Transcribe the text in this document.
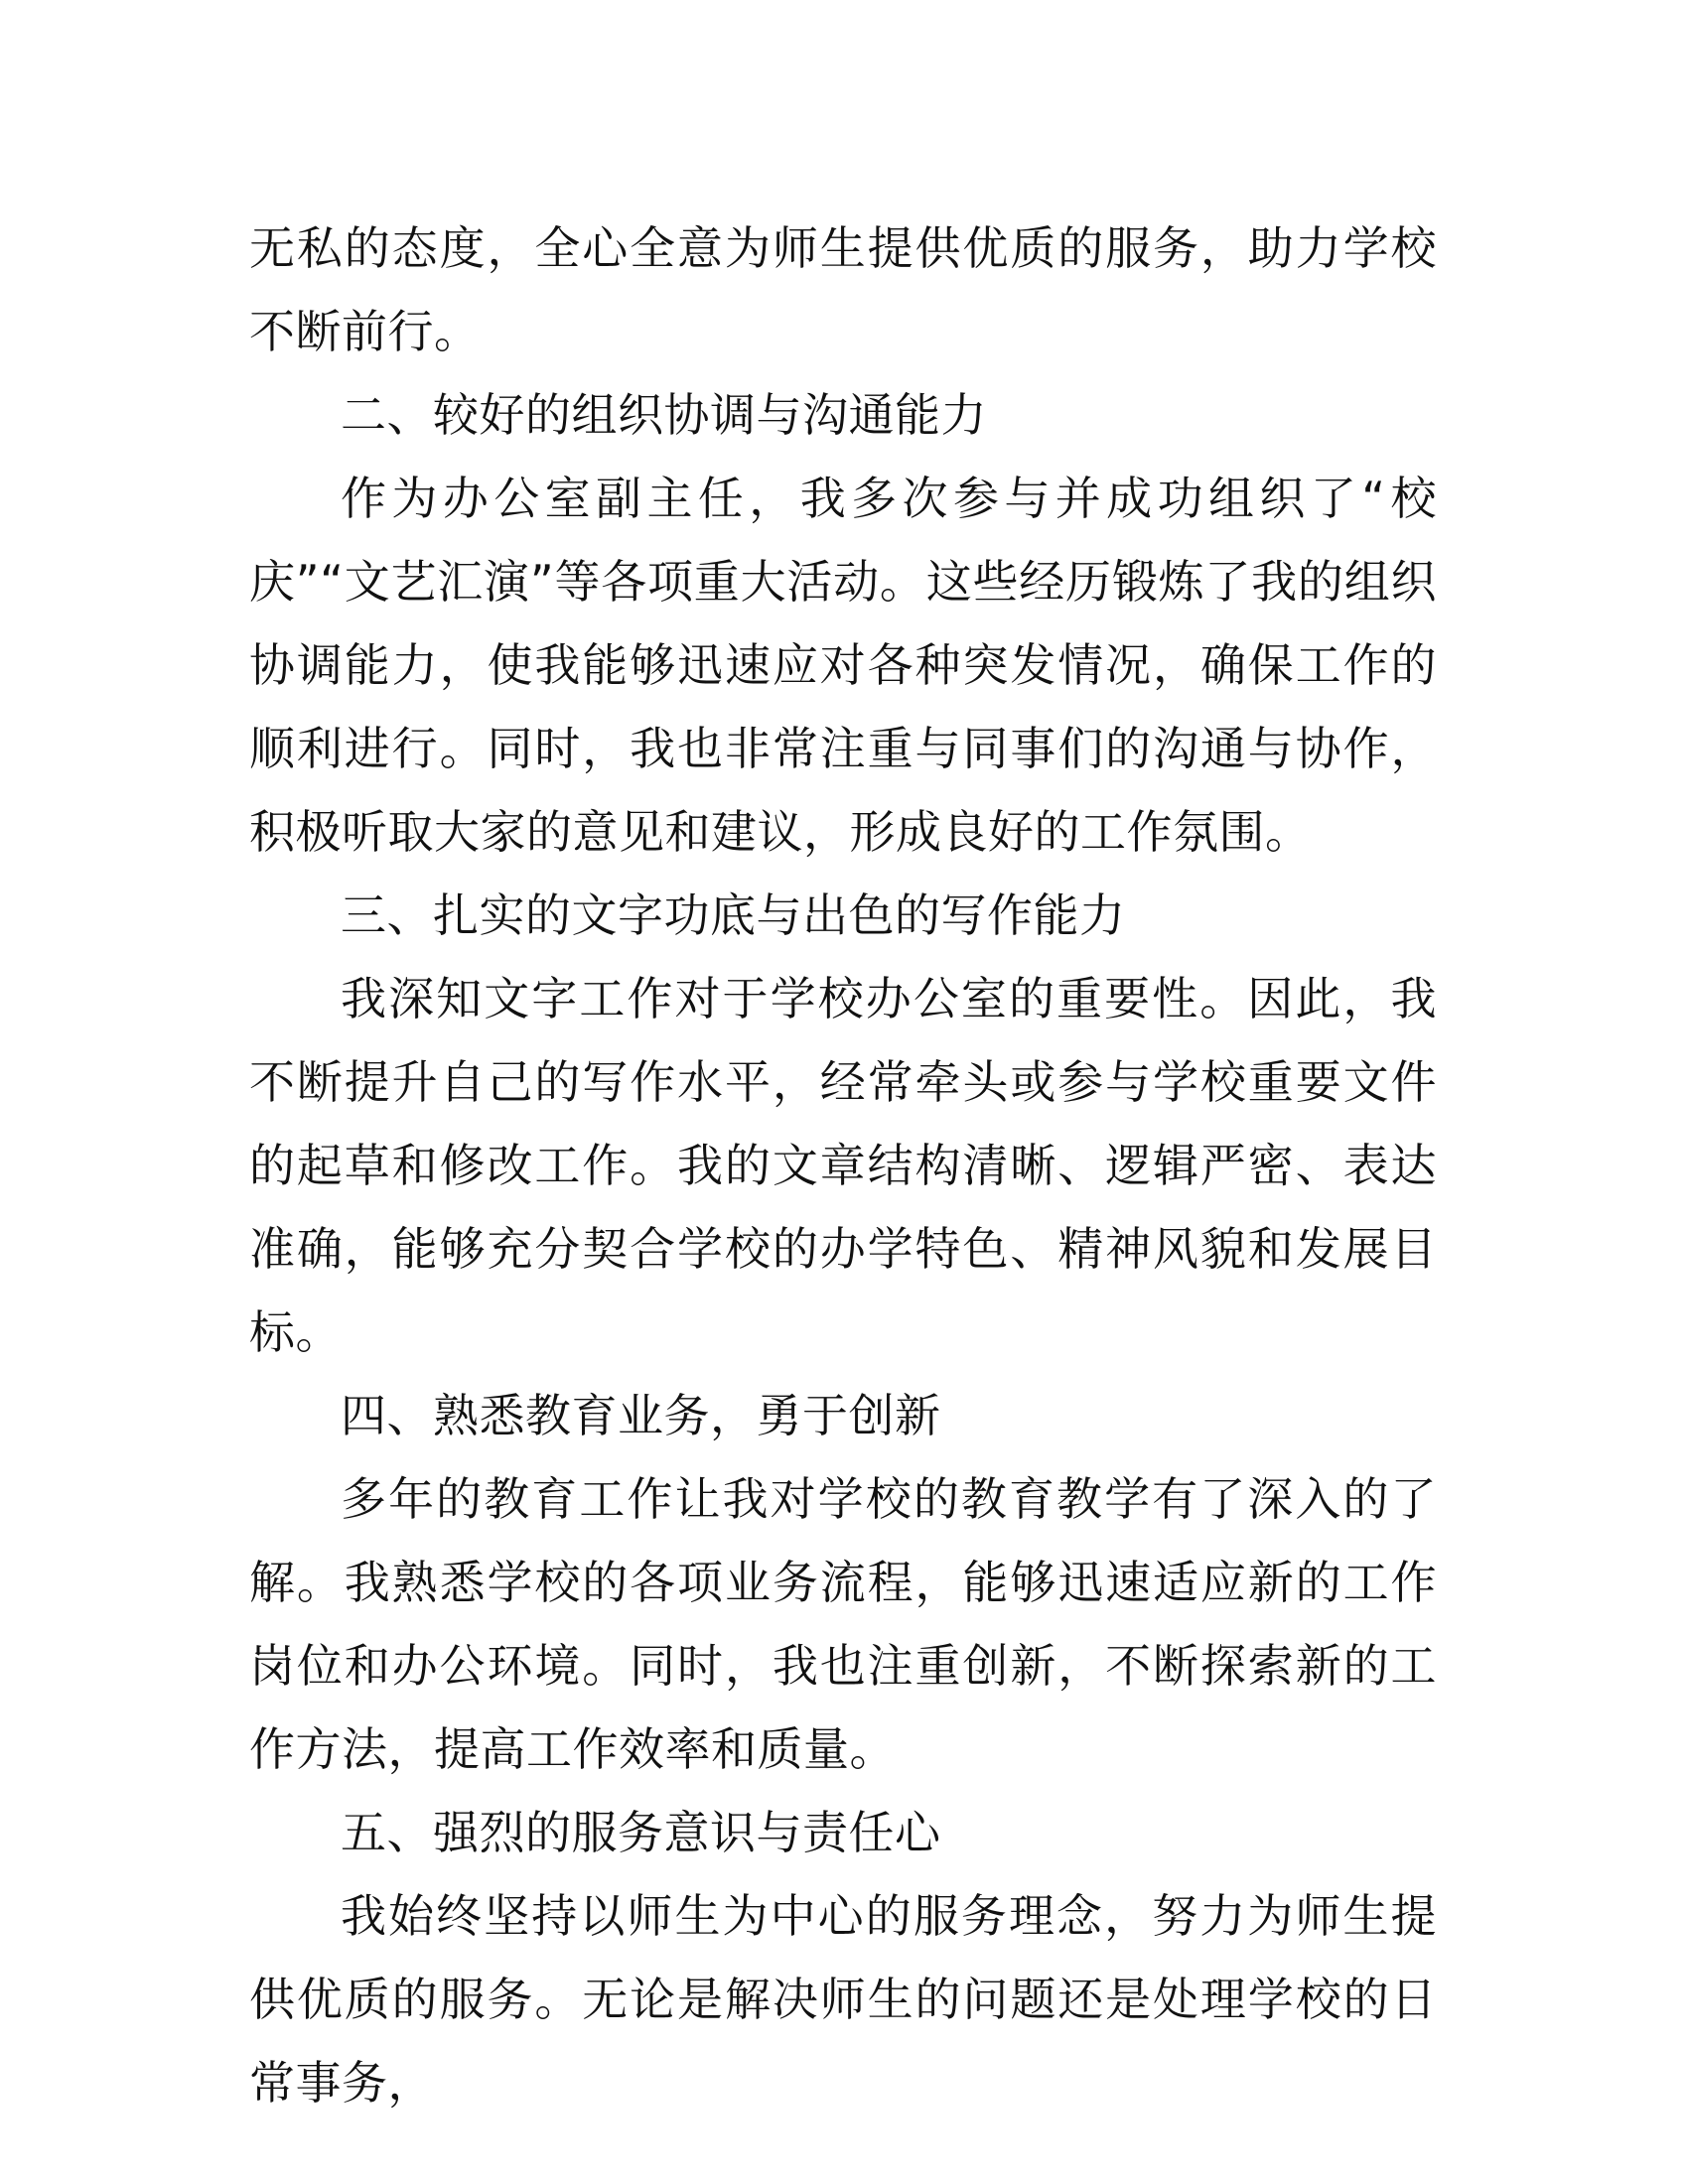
无私的态度，全心全意为师生提供优质的服务，助力学校不断前行。

二、较好的组织协调与沟通能力

作为办公室副主任，我多次参与并成功组织了“校庆”“文艺汇演”等各项重大活动。这些经历锻炼了我的组织协调能力，使我能够迅速应对各种突发情况，确保工作的顺利进行。同时，我也非常注重与同事们的沟通与协作，积极听取大家的意见和建议，形成良好的工作氛围。

三、扎实的文字功底与出色的写作能力

我深知文字工作对于学校办公室的重要性。因此，我不断提升自己的写作水平，经常牵头或参与学校重要文件的起草和修改工作。我的文章结构清晰、逻辑严密、表达准确，能够充分契合学校的办学特色、精神风貌和发展目标。

四、熟悉教育业务，勇于创新

多年的教育工作让我对学校的教育教学有了深入的了解。我熟悉学校的各项业务流程，能够迅速适应新的工作岗位和办公环境。同时，我也注重创新，不断探索新的工作方法，提高工作效率和质量。

五、强烈的服务意识与责任心

我始终坚持以师生为中心的服务理念，努力为师生提供优质的服务。无论是解决师生的问题还是处理学校的日常事务，
